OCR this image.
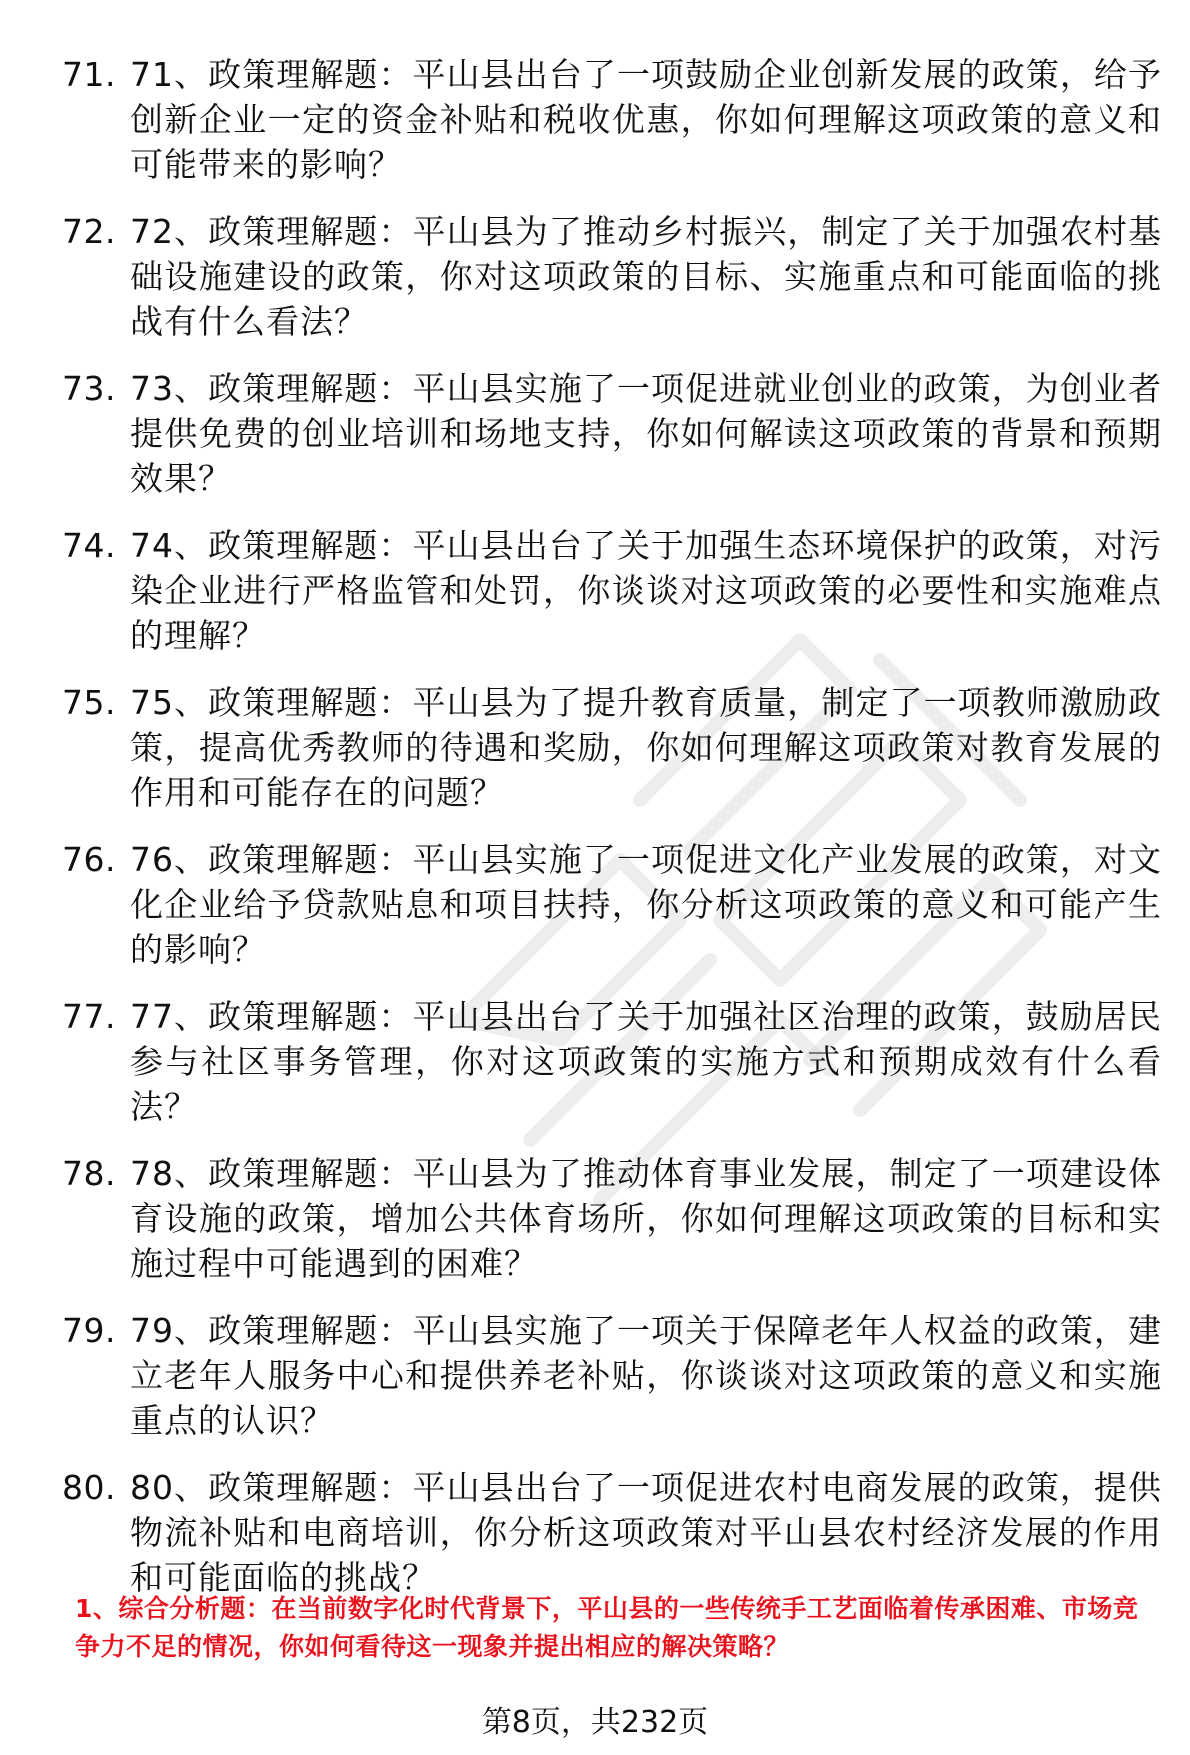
71. 71、政策理解题：平山县出台了一项鼓励企业创新发展的政策，给予创新企业一定的资金补贴和税收优惠，你如何理解这项政策的意义和可能带来的影响？
72. 72、政策理解题：平山县为了推动乡村振兴，制定了关于加强农村基础设施建设的政策，你对这项政策的目标、实施重点和可能面临的挑战有什么看法？
73. 73、政策理解题：平山县实施了一项促进就业创业的政策，为创业者提供免费的创业培训和场地支持，你如何解读这项政策的背景和预期效果？
74. 74、政策理解题：平山县出台了关于加强生态环境保护的政策，对污染企业进行严格监管和处罚，你谈谈对这项政策的必要性和实施难点的理解？
75. 75、政策理解题：平山县为了提升教育质量，制定了一项教师激励政策，提高优秀教师的待遇和奖励，你如何理解这项政策对教育发展的作用和可能存在的问题？
76. 76、政策理解题：平山县实施了一项促进文化产业发展的政策，对文化企业给予贷款贴息和项目扶持，你分析这项政策的意义和可能产生的影响？
77. 77、政策理解题：平山县出台了关于加强社区治理的政策，鼓励居民参与社区事务管理，你对这项政策的实施方式和预期成效有什么看法？
78. 78、政策理解题：平山县为了推动体育事业发展，制定了一项建设体育设施的政策，增加公共体育场所，你如何理解这项政策的目标和实施过程中可能遇到的困难？
79. 79、政策理解题：平山县实施了一项关于保障老年人权益的政策，建立老年人服务中心和提供养老补贴，你谈谈对这项政策的意义和实施重点的认识？
80. 80、政策理解题：平山县出台了一项促进农村电商发展的政策，提供物流补贴和电商培训，你分析这项政策对平山县农村经济发展的作用和可能面临的挑战？

1、综合分析题：在当前数字化时代背景下，平山县的一些传统手工艺面临着传承困难、市场竞争力不足的情况，你如何看待这一现象并提出相应的解决策略？

第8页，共232页
